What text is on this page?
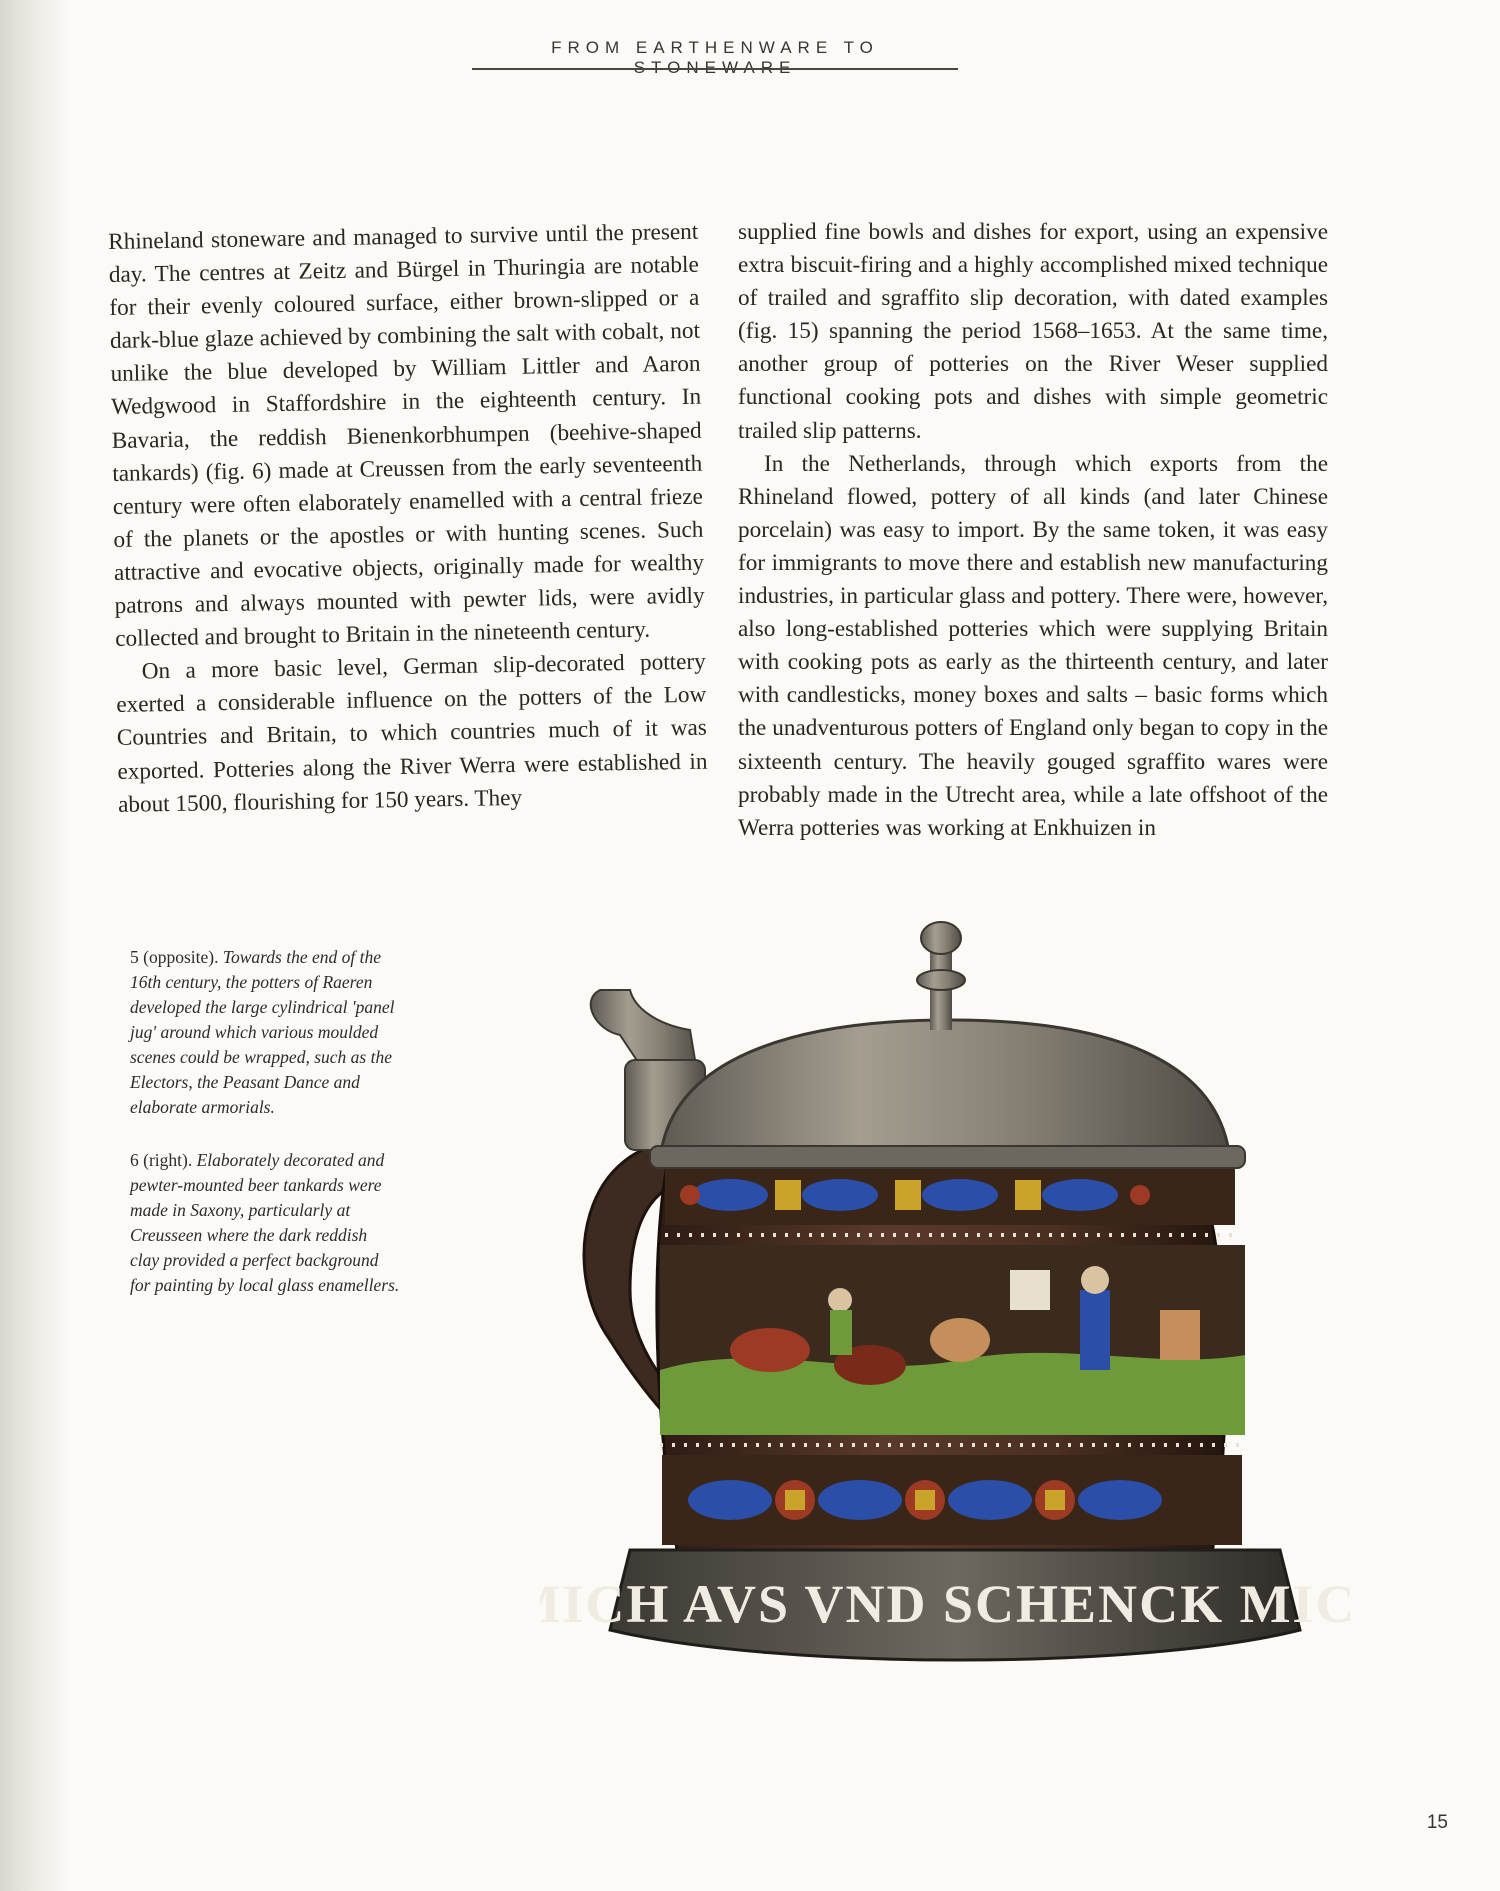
FROM EARTHENWARE TO

Rhineland stoneware and managed to survive until the present day. The centres at Zeitz and Bürgel in Thuringia are notable for their evenly coloured surface, either brown-slipped or a dark-blue glaze achieved by combining the salt with cobalt, not unlike the blue developed by William Littler and Aaron Wedgwood in Staffordshire in the eighteenth century. In Bavaria, the reddish Bienenkorbhumpen (beehive-shaped tankards) (fig. 6) made at Creussen from the early seventeenth century were often elaborately enamelled with a central frieze of the planets or the apostles or with hunting scenes. Such attractive and evocative objects, originally made for wealthy patrons and always mounted with pewter lids, were avidly collected and brought to Britain in the nineteenth century.

On a more basic level, German slip-decorated pottery exerted a considerable influence on the potters of the Low Countries and Britain, to which countries much of it was exported. Potteries along the River Werra were established in about 1500, flourishing for 150 years. They

supplied fine bowls and dishes for export, using an expensive extra biscuit-firing and a highly accomplished mixed technique of trailed and sgraffito slip decoration, with dated examples (fig. 15) spanning the period 1568–1653. At the same time, another group of potteries on the River Weser supplied functional cooking pots and dishes with simple geometric trailed slip patterns.

In the Netherlands, through which exports from the Rhineland flowed, pottery of all kinds (and later Chinese porcelain) was easy to import. By the same token, it was easy for immigrants to move there and establish new manufacturing industries, in particular glass and pottery. There were, however, also long-established potteries which were supplying Britain with cooking pots as early as the thirteenth century, and later with candlesticks, money boxes and salts – basic forms which the unadventurous potters of England only began to copy in the sixteenth century. The heavily gouged sgraffito wares were probably made in the Utrecht area, while a late offshoot of the Werra potteries was working at Enkhuizen in

5 (opposite). Towards the end of the 16th century, the potters of Raeren developed the large cylindrical 'panel jug' around which various moulded scenes could be wrapped, such as the Electors, the Peasant Dance and elaborate armorials.

6 (right). Elaborately decorated and pewter-mounted beer tankards were made in Saxony, particularly at Creusseen where the dark reddish clay provided a perfect background for painting by local glass enamellers.

MICH AVS VND SCHENCK MICH
15
